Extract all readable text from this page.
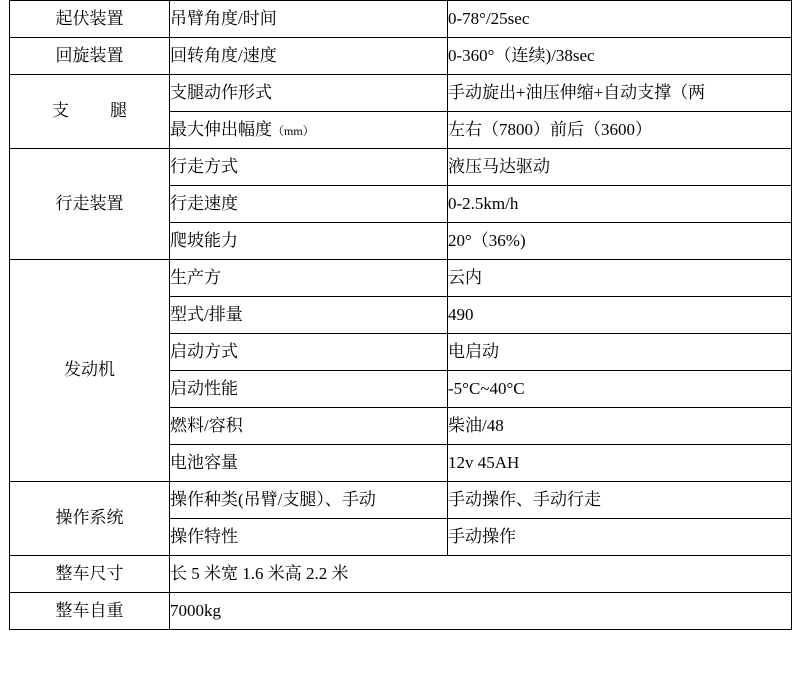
起伏装置	吊臂角度/时间	0-78°/25sec
回旋装置	回转角度/速度	0-360°（连续)/38sec
支　腿	支腿动作形式	手动旋出+油压伸缩+自动支撑（两
	最大伸出幅度（mm）	左右（7800）前后（3600）
行走装置	行走方式	液压马达驱动
	行走速度	0-2.5km/h
	爬坡能力	20°（36%)
发动机	生产方	云内
	型式/排量	490
	启动方式	电启动
	启动性能	-5°C~40°C
	燃料/容积	柴油/48
	电池容量	12v 45AH
操作系统	操作种类(吊臂/支腿）、手动	手动操作、手动行走
	操作特性	手动操作
整车尺寸	长 5 米宽 1.6 米高 2.2 米	
整车自重	7000kg	
